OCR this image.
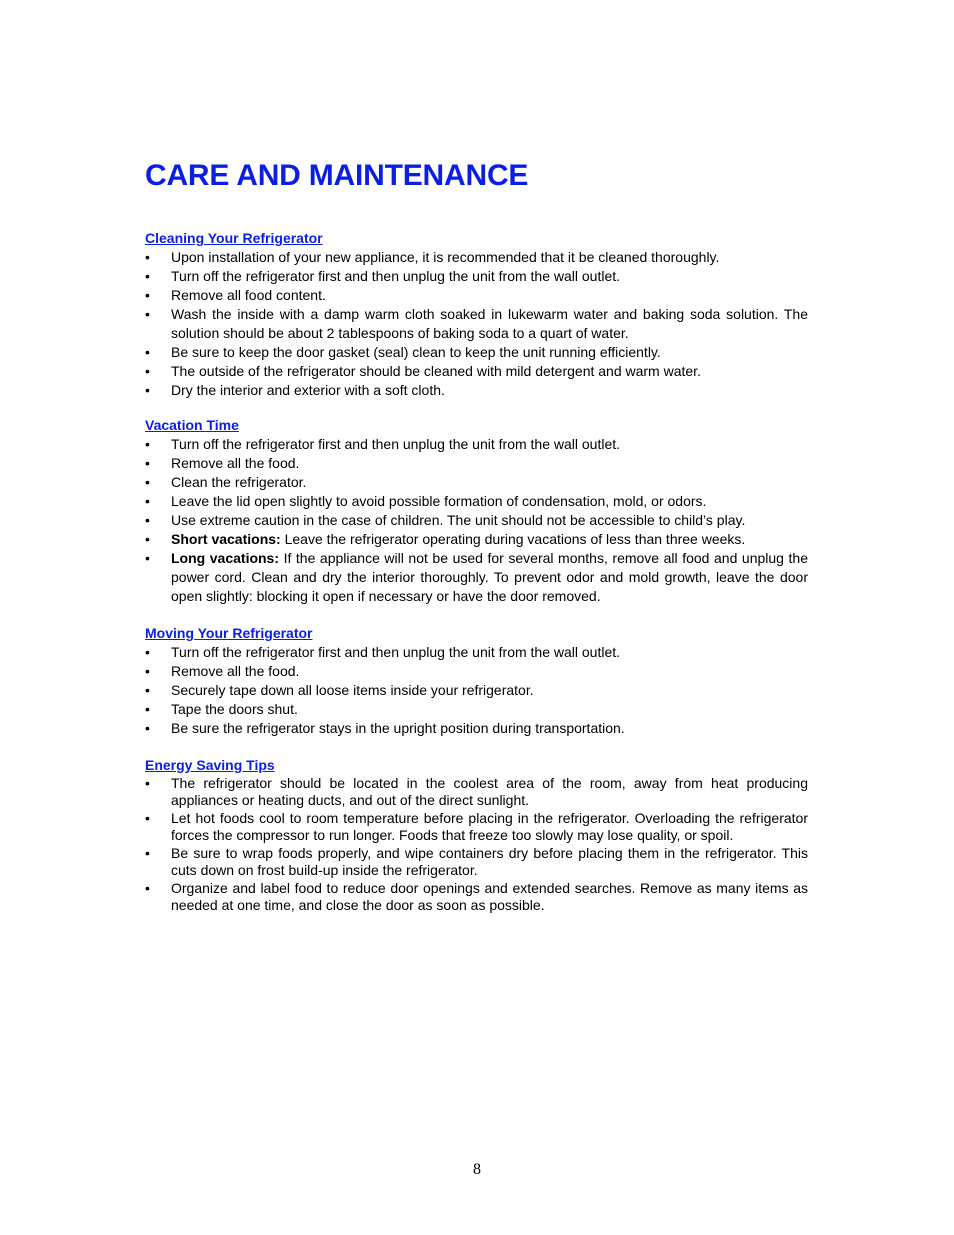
CARE AND MAINTENANCE
Cleaning Your Refrigerator
•	Upon installation of your new appliance, it is recommended that it be cleaned thoroughly.
•	Turn off the refrigerator first and then unplug the unit from the wall outlet.
•	Remove all food content.
•	Wash the inside with a damp warm cloth soaked in lukewarm water and baking soda solution. The solution should be about 2 tablespoons of baking soda to a quart of water.
•	Be sure to keep the door gasket (seal) clean to keep the unit running efficiently.
•	The outside of the refrigerator should be cleaned with mild detergent and warm water.
•	Dry the interior and exterior with a soft cloth.
Vacation Time
•	Turn off the refrigerator first and then unplug the unit from the wall outlet.
•	Remove all the food.
•	Clean the refrigerator.
•	Leave the lid open slightly to avoid possible formation of condensation, mold, or odors.
•	Use extreme caution in the case of children. The unit should not be accessible to child’s play.
•	Short vacations: Leave the refrigerator operating during vacations of less than three weeks.
•	Long vacations: If the appliance will not be used for several months, remove all food and unplug the power cord. Clean and dry the interior thoroughly. To prevent odor and mold growth, leave the door open slightly: blocking it open if necessary or have the door removed.
Moving Your Refrigerator
•	Turn off the refrigerator first and then unplug the unit from the wall outlet.
•	Remove all the food.
•	Securely tape down all loose items inside your refrigerator.
•	Tape the doors shut.
•	Be sure the refrigerator stays in the upright position during transportation.
Energy Saving Tips
•	The refrigerator should be located in the coolest area of the room, away from heat producing appliances or heating ducts, and out of the direct sunlight.
•	Let hot foods cool to room temperature before placing in the refrigerator. Overloading the refrigerator forces the compressor to run longer. Foods that freeze too slowly may lose quality, or spoil.
•	Be sure to wrap foods properly, and wipe containers dry before placing them in the refrigerator. This cuts down on frost build-up inside the refrigerator.
•	Organize and label food to reduce door openings and extended searches. Remove as many items as needed at one time, and close the door as soon as possible.
8
